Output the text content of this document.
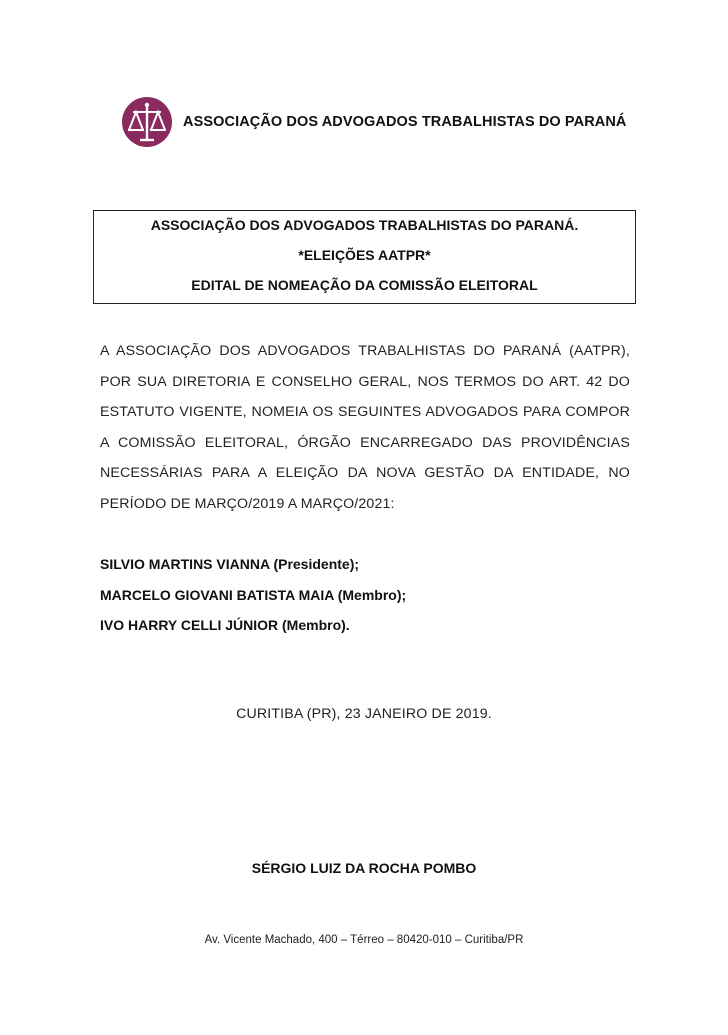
ASSOCIAÇÃO DOS ADVOGADOS TRABALHISTAS DO PARANÁ
ASSOCIAÇÃO DOS ADVOGADOS TRABALHISTAS DO PARANÁ.
*ELEIÇÕES AATPR*
EDITAL DE NOMEAÇÃO DA COMISSÃO ELEITORAL
A ASSOCIAÇÃO DOS ADVOGADOS TRABALHISTAS DO PARANÁ (AATPR), POR SUA DIRETORIA E CONSELHO GERAL, NOS TERMOS DO ART. 42 DO ESTATUTO VIGENTE, NOMEIA OS SEGUINTES ADVOGADOS PARA COMPOR A COMISSÃO ELEITORAL, ÓRGÃO ENCARREGADO DAS PROVIDÊNCIAS NECESSÁRIAS PARA A ELEIÇÃO DA NOVA GESTÃO DA ENTIDADE, NO PERÍODO DE MARÇO/2019 A MARÇO/2021:
SILVIO MARTINS VIANNA (Presidente);
MARCELO GIOVANI BATISTA MAIA (Membro);
IVO HARRY CELLI JÚNIOR (Membro).
CURITIBA (PR), 23 JANEIRO DE 2019.
SÉRGIO LUIZ DA ROCHA POMBO
Av. Vicente Machado, 400 – Térreo – 80420-010 – Curitiba/PR
